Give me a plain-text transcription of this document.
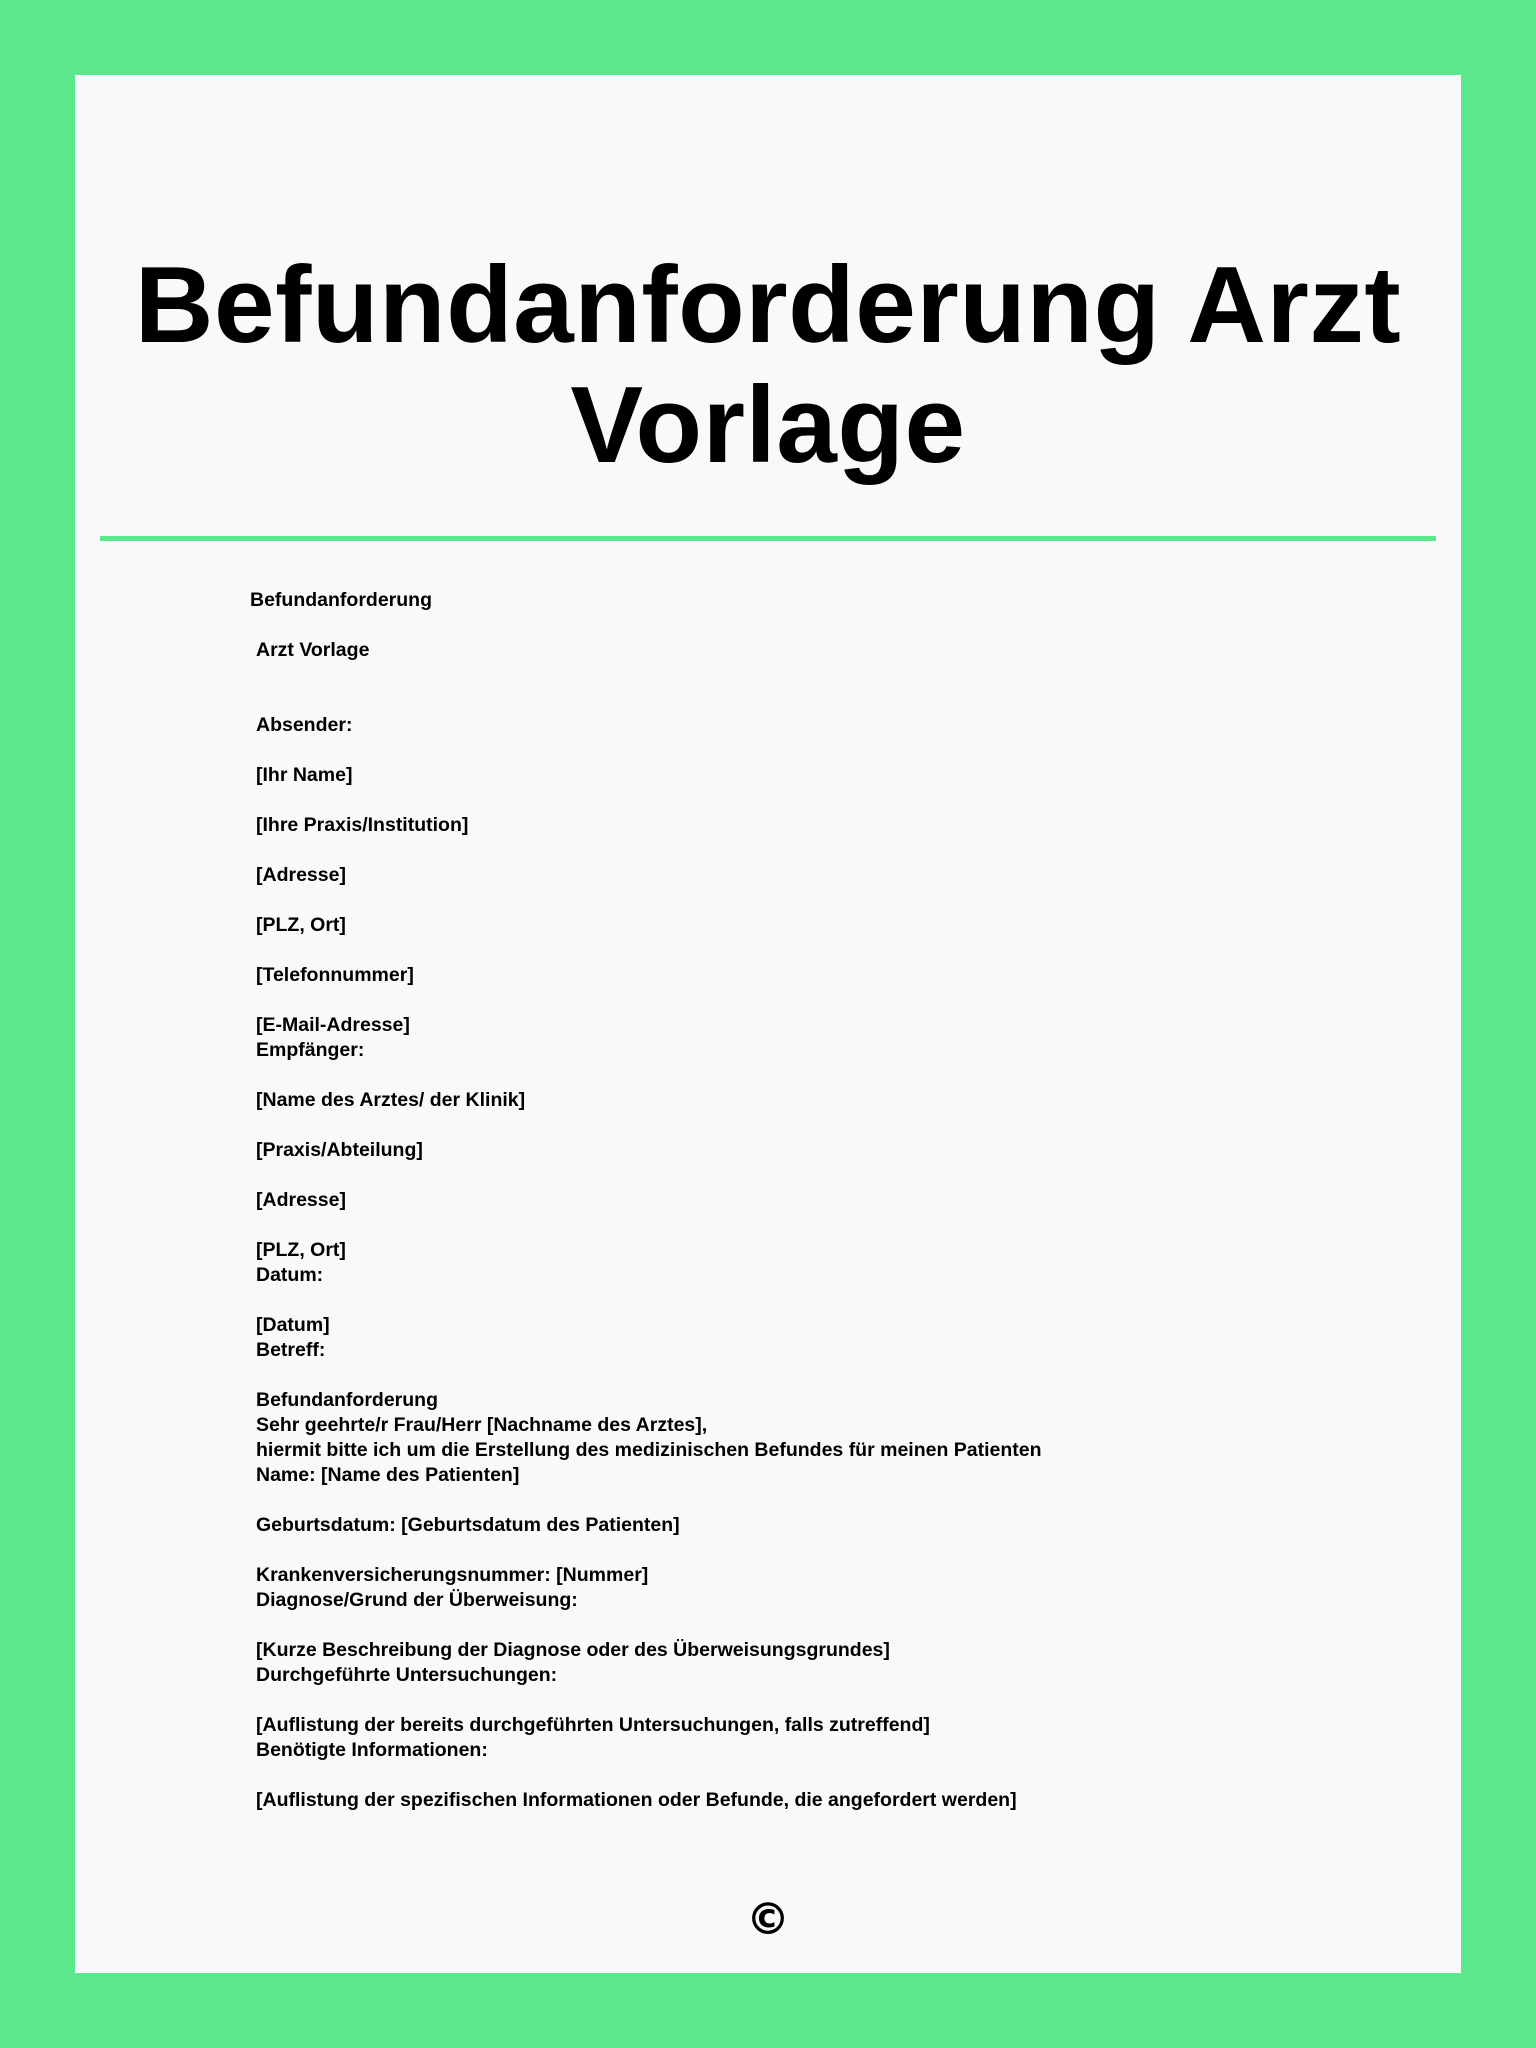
Befundanforderung Arzt
Vorlage
Befundanforderung
Arzt Vorlage
Absender:
[Ihr Name]
[Ihre Praxis/Institution]
[Adresse]
[PLZ, Ort]
[Telefonnummer]
[E-Mail-Adresse]
Empfänger:
[Name des Arztes/ der Klinik]
[Praxis/Abteilung]
[Adresse]
[PLZ, Ort]
Datum:
[Datum]
Betreff:
Befundanforderung
Sehr geehrte/r Frau/Herr [Nachname des Arztes],
hiermit bitte ich um die Erstellung des medizinischen Befundes für meinen Patienten
Name: [Name des Patienten]
Geburtsdatum: [Geburtsdatum des Patienten]
Krankenversicherungsnummer: [Nummer]
Diagnose/Grund der Überweisung:
[Kurze Beschreibung der Diagnose oder des Überweisungsgrundes]
Durchgeführte Untersuchungen:
[Auflistung der bereits durchgeführten Untersuchungen, falls zutreffend]
Benötigte Informationen:
[Auflistung der spezifischen Informationen oder Befunde, die angefordert werden]
©
